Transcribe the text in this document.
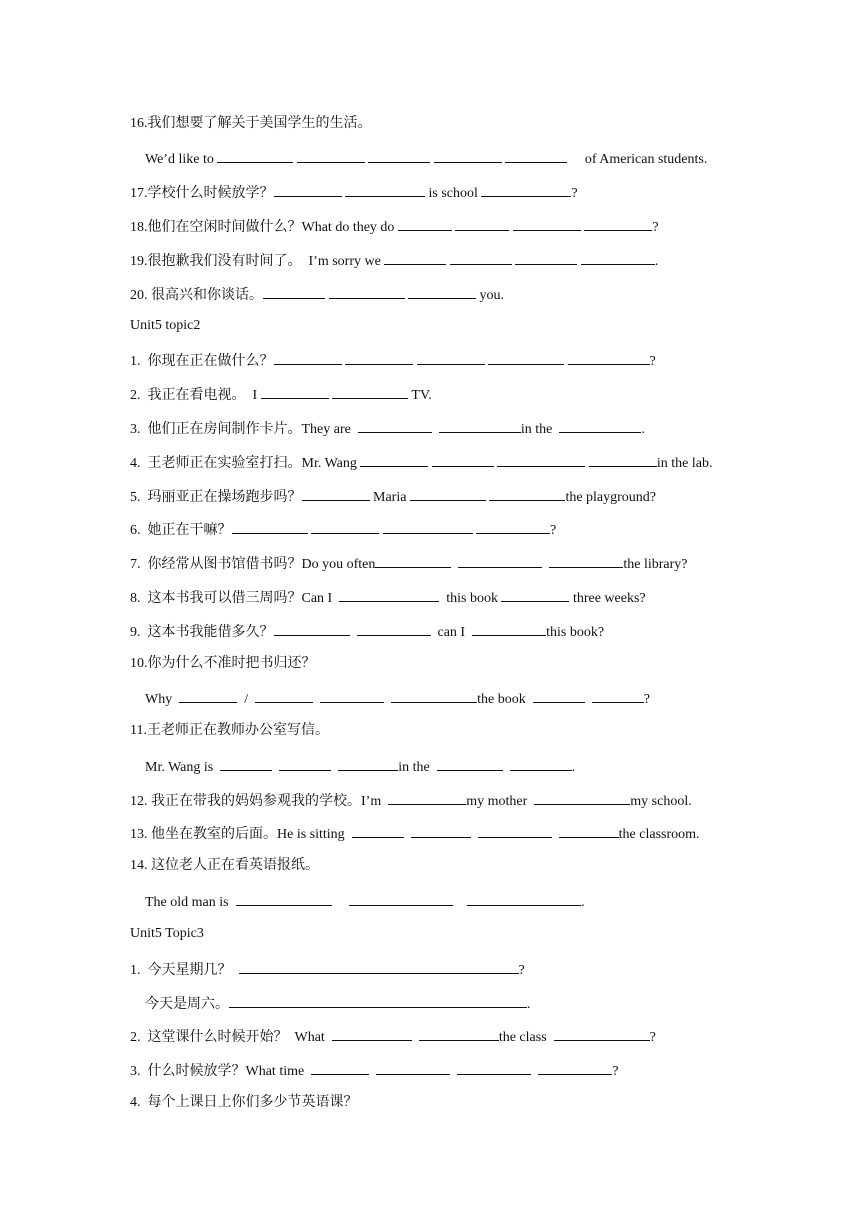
16.我们想要了解关于美国学生的生活。
We’d like to	of American students.
17.学校什么时候放学？	is school	?
18.他们在空闲时间做什么？What do they do	?
19.很抱歉我们没有时间了。  I’m sorry we	.
20. 很高兴和你谈话。	you.
Unit5 topic2
1.  你现在正在做什么？	?
2.  我正在看电视。  I	TV.
3.  他们正在房间制作卡片。They are	in the	.
4.  王老师正在实验室打扫。Mr. Wang	in the lab.
5.  玛丽亚正在操场跑步吗？	Maria	the playground?
6.  她正在干嘛？	?
7.  你经常从图书馆借书吗？Do you often	the library?
8.  这本书我可以借三周吗？Can I	this book	three weeks?
9.  这本书我能借多久？	can I	this book?
10.你为什么不准时把书归还？
Why	/	the book	?
11.王老师正在教师办公室写信。
Mr. Wang is	in the	.
12. 我正在带我的妈妈参观我的学校。I’m	my mother	my school.
13. 他坐在教室的后面。He is sitting	the classroom.
14. 这位老人正在看英语报纸。
The old man is	.
Unit5 Topic3
1.  今天星期几？	?
今天是周六。	.
2.  这堂课什么时候开始？  What	the class	?
3.  什么时候放学？What time	?
4.  每个上课日上你们多少节英语课？
